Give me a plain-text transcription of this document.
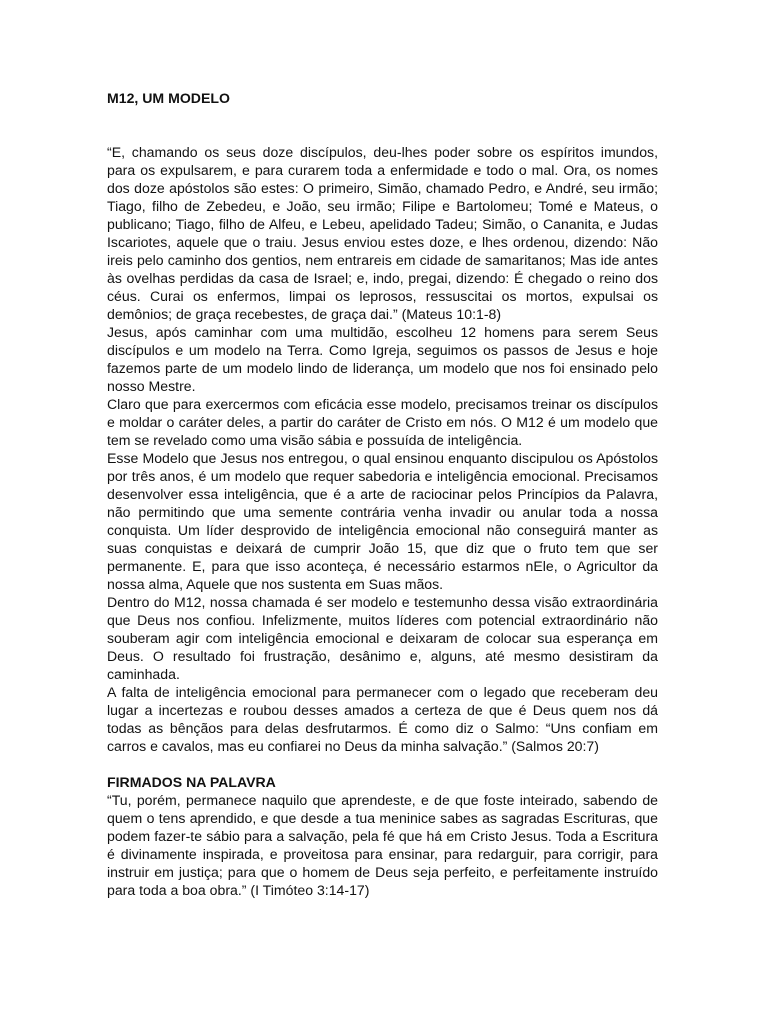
M12, UM MODELO

“E, chamando os seus doze discípulos, deu-lhes poder sobre os espíritos imundos, para os expulsarem, e para curarem toda a enfermidade e todo o mal. Ora, os nomes dos doze apóstolos são estes: O primeiro, Simão, chamado Pedro, e André, seu irmão; Tiago, filho de Zebedeu, e João, seu irmão; Filipe e Bartolomeu; Tomé e Mateus, o publicano; Tiago, filho de Alfeu, e Lebeu, apelidado Tadeu; Simão, o Cananita, e Judas Iscariotes, aquele que o traiu. Jesus enviou estes doze, e lhes ordenou, dizendo: Não ireis pelo caminho dos gentios, nem entrareis em cidade de samaritanos; Mas ide antes às ovelhas perdidas da casa de Israel; e, indo, pregai, dizendo: É chegado o reino dos céus. Curai os enfermos, limpai os leprosos, ressuscitai os mortos, expulsai os demônios; de graça recebestes, de graça dai.” (Mateus 10:1-8)

Jesus, após caminhar com uma multidão, escolheu 12 homens para serem Seus discípulos e um modelo na Terra. Como Igreja, seguimos os passos de Jesus e hoje fazemos parte de um modelo lindo de liderança, um modelo que nos foi ensinado pelo nosso Mestre.

Claro que para exercermos com eficácia esse modelo, precisamos treinar os discípulos e moldar o caráter deles, a partir do caráter de Cristo em nós. O M12 é um modelo que tem se revelado como uma visão sábia e possuída de inteligência.

Esse Modelo que Jesus nos entregou, o qual ensinou enquanto discipulou os Apóstolos por três anos, é um modelo que requer sabedoria e inteligência emocional. Precisamos desenvolver essa inteligência, que é a arte de raciocinar pelos Princípios da Palavra, não permitindo que uma semente contrária venha invadir ou anular toda a nossa conquista. Um líder desprovido de inteligência emocional não conseguirá manter as suas conquistas e deixará de cumprir João 15, que diz que o fruto tem que ser permanente. E, para que isso aconteça, é necessário estarmos nEle, o Agricultor da nossa alma, Aquele que nos sustenta em Suas mãos.

Dentro do M12, nossa chamada é ser modelo e testemunho dessa visão extraordinária que Deus nos confiou. Infelizmente, muitos líderes com potencial extraordinário não souberam agir com inteligência emocional e deixaram de colocar sua esperança em Deus. O resultado foi frustração, desânimo e, alguns, até mesmo desistiram da caminhada.

A falta de inteligência emocional para permanecer com o legado que receberam deu lugar a incertezas e roubou desses amados a certeza de que é Deus quem nos dá todas as bênçãos para delas desfrutarmos. É como diz o Salmo: “Uns confiam em carros e cavalos, mas eu confiarei no Deus da minha salvação.” (Salmos 20:7)

FIRMADOS NA PALAVRA

“Tu, porém, permanece naquilo que aprendeste, e de que foste inteirado, sabendo de quem o tens aprendido, e que desde a tua meninice sabes as sagradas Escrituras, que podem fazer-te sábio para a salvação, pela fé que há em Cristo Jesus. Toda a Escritura é divinamente inspirada, e proveitosa para ensinar, para redarguir, para corrigir, para instruir em justiça; para que o homem de Deus seja perfeito, e perfeitamente instruído para toda a boa obra.” (I Timóteo 3:14-17)
